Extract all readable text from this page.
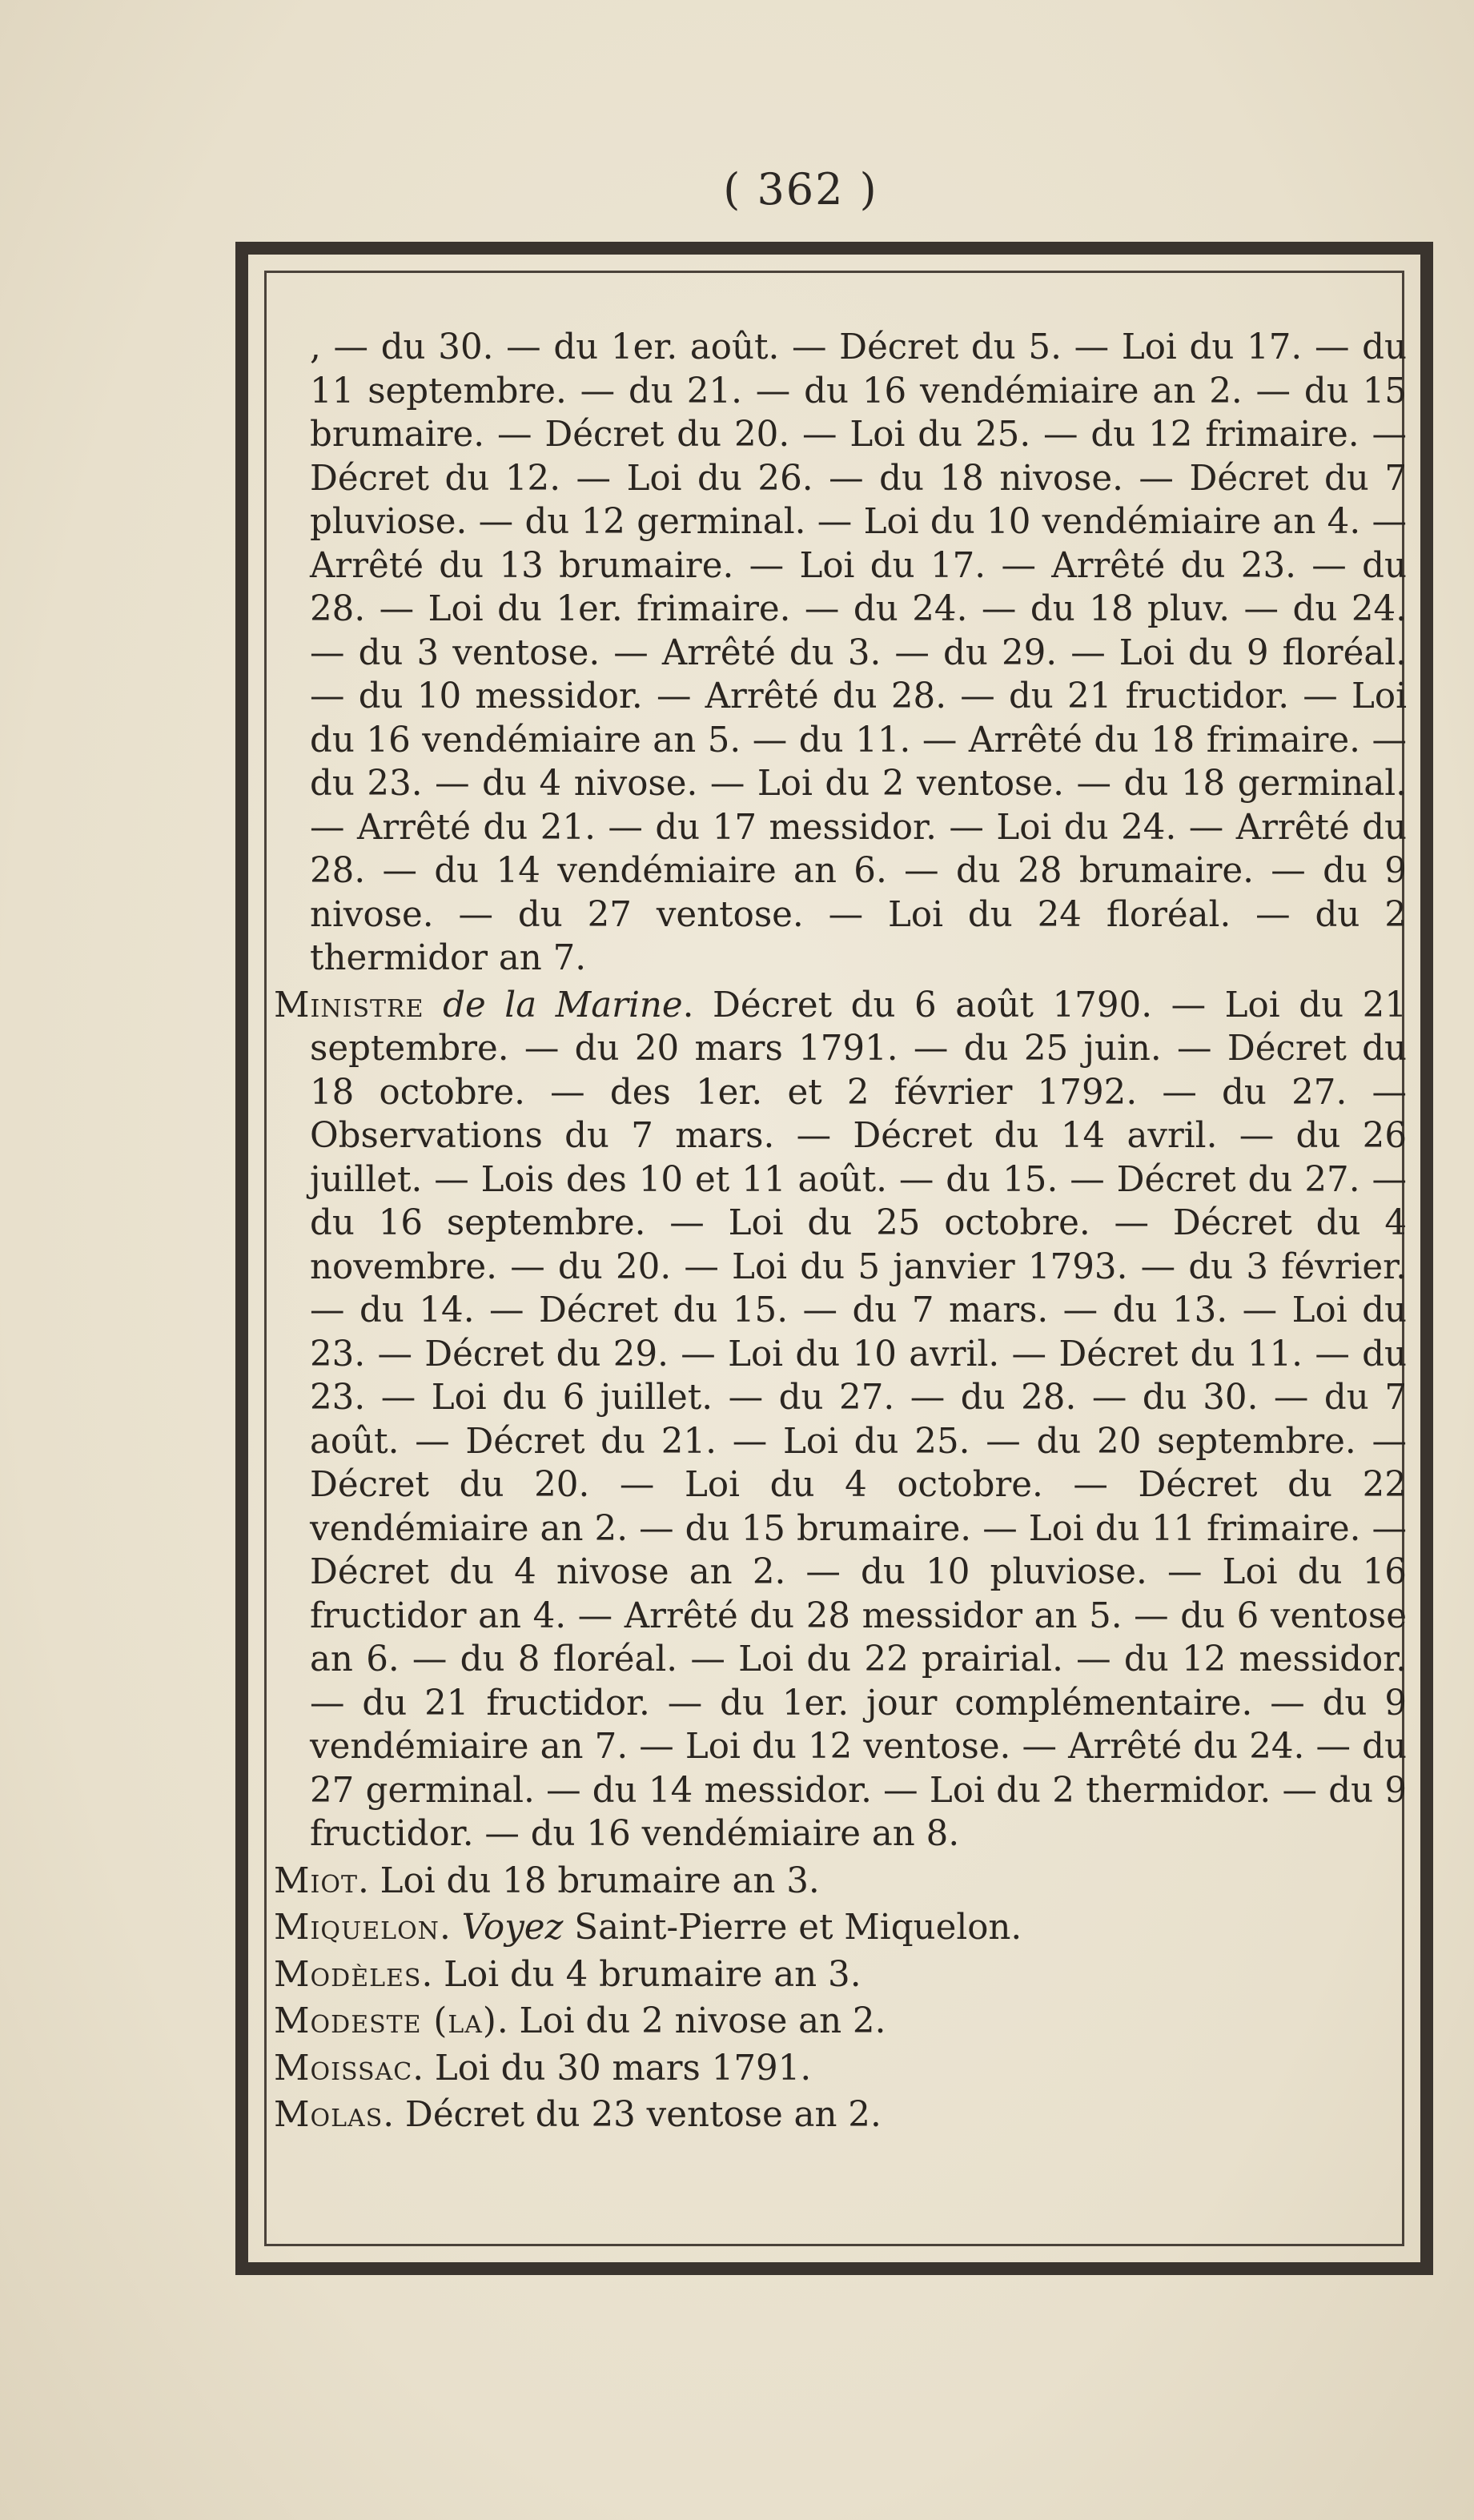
( 362 )

, — du 30. — du 1er. août. — Décret du 5. — Loi du 17. — du 11 septembre. — du 21. — du 16 vendémiaire an 2. — du 15 brumaire. — Décret du 20. — Loi du 25. — du 12 frimaire. — Décret du 12. — Loi du 26. — du 18 nivose. — Décret du 7 pluviose. — du 12 germinal. — Loi du 10 vendémiaire an 4. — Arrêté du 13 brumaire. — Loi du 17. — Arrêté du 23. — du 28. — Loi du 1er. frimaire. — du 24. — du 18 pluv. — du 24. — du 3 ventose. — Arrêté du 3. — du 29. — Loi du 9 floréal. — du 10 messidor. — Arrêté du 28. — du 21 fructidor. — Loi du 16 vendémiaire an 5. — du 11. — Arrêté du 18 frimaire. — du 23. — du 4 nivose. — Loi du 2 ventose. — du 18 germinal. — Arrêté du 21. — du 17 messidor. — Loi du 24. — Arrêté du 28. — du 14 vendémiaire an 6. — du 28 brumaire. — du 9 nivose. — du 27 ventose. — Loi du 24 floréal. — du 2 thermidor an 7.

Ministre de la Marine. Décret du 6 août 1790. — Loi du 21 septembre. — du 20 mars 1791. — du 25 juin. — Décret du 18 octobre. — des 1er. et 2 février 1792. — du 27. — Observations du 7 mars. — Décret du 14 avril. — du 26 juillet. — Lois des 10 et 11 août. — du 15. — Décret du 27. — du 16 septembre. — Loi du 25 octobre. — Décret du 4 novembre. — du 20. — Loi du 5 janvier 1793. — du 3 février. — du 14. — Décret du 15. — du 7 mars. — du 13. — Loi du 23. — Décret du 29. — Loi du 10 avril. — Décret du 11. — du 23. — Loi du 6 juillet. — du 27. — du 28. — du 30. — du 7 août. — Décret du 21. — Loi du 25. — du 20 septembre. — Décret du 20. — Loi du 4 octobre. — Décret du 22 vendémiaire an 2. — du 15 brumaire. — Loi du 11 frimaire. — Décret du 4 nivose an 2. — du 10 pluviose. — Loi du 16 fructidor an 4. — Arrêté du 28 messidor an 5. — du 6 ventose an 6. — du 8 floréal. — Loi du 22 prairial. — du 12 messidor. — du 21 fructidor. — du 1er. jour complémentaire. — du 9 vendémiaire an 7. — Loi du 12 ventose. — Arrêté du 24. — du 27 germinal. — du 14 messidor. — Loi du 2 thermidor. — du 9 fructidor. — du 16 vendémiaire an 8.

Miot. Loi du 18 brumaire an 3.

Miquelon. Voyez Saint-Pierre et Miquelon.

Modèles. Loi du 4 brumaire an 3.

Modeste (la). Loi du 2 nivose an 2.

Moissac. Loi du 30 mars 1791.

Molas. Décret du 23 ventose an 2.
